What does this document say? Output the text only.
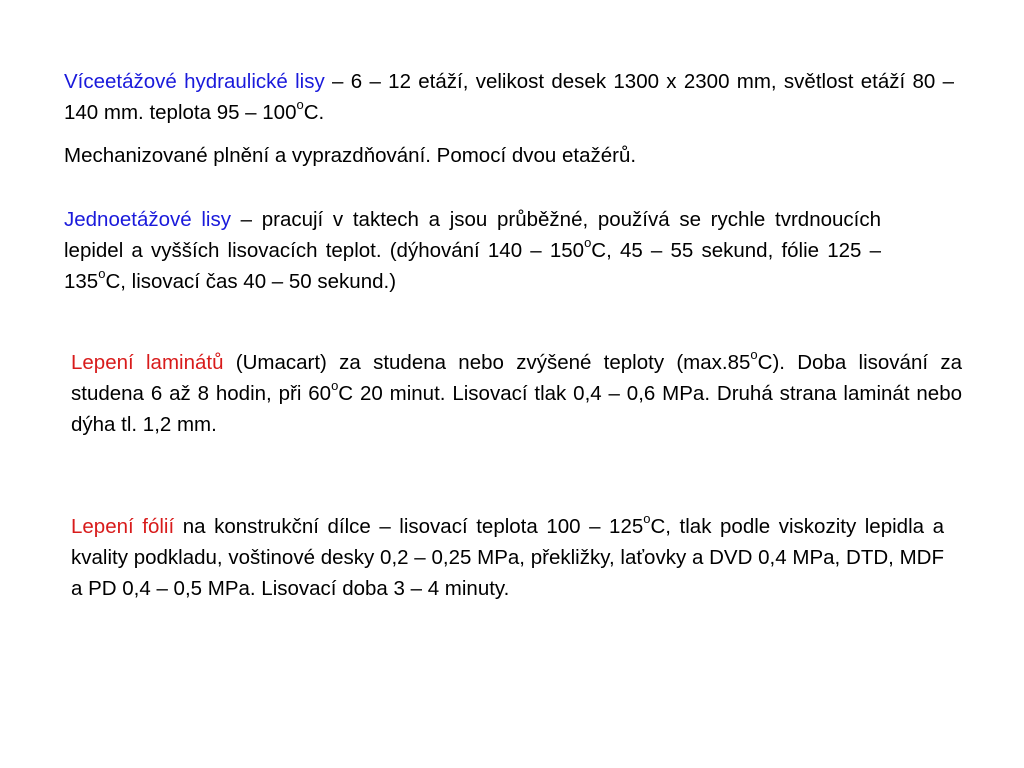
Víceetážové hydraulické lisy – 6 – 12 etáží, velikost desek 1300 x 2300 mm, světlost etáží 80 – 140 mm. teplota 95 – 100$^o$C.

Mechanizované plnění a vyprazdňování. Pomocí dvou etažérů.

Jednoetážové lisy – pracují v taktech a jsou průběžné, používá se rychle tvrdnoucích lepidel a vyšších lisovacích teplot. (dýhování 140 – 150$^o$C, 45 – 55 sekund, fólie 125 – 135$^o$C, lisovací čas 40 – 50 sekund.)

Lepení laminátů (Umacart) za studena nebo zvýšené teploty (max.85$^o$C). Doba lisování za studena 6 až 8 hodin, při 60$^o$C 20 minut. Lisovací tlak 0,4 – 0,6 MPa. Druhá strana laminát nebo dýha tl. 1,2 mm.

Lepení fólií na konstrukční dílce – lisovací teplota 100 – 125$^o$C, tlak podle viskozity lepidla a kvality podkladu, voštinové desky 0,2 – 0,25 MPa, překližky, laťovky a DVD 0,4 MPa, DTD, MDF a PD 0,4 – 0,5 MPa. Lisovací doba 3 – 4 minuty.
